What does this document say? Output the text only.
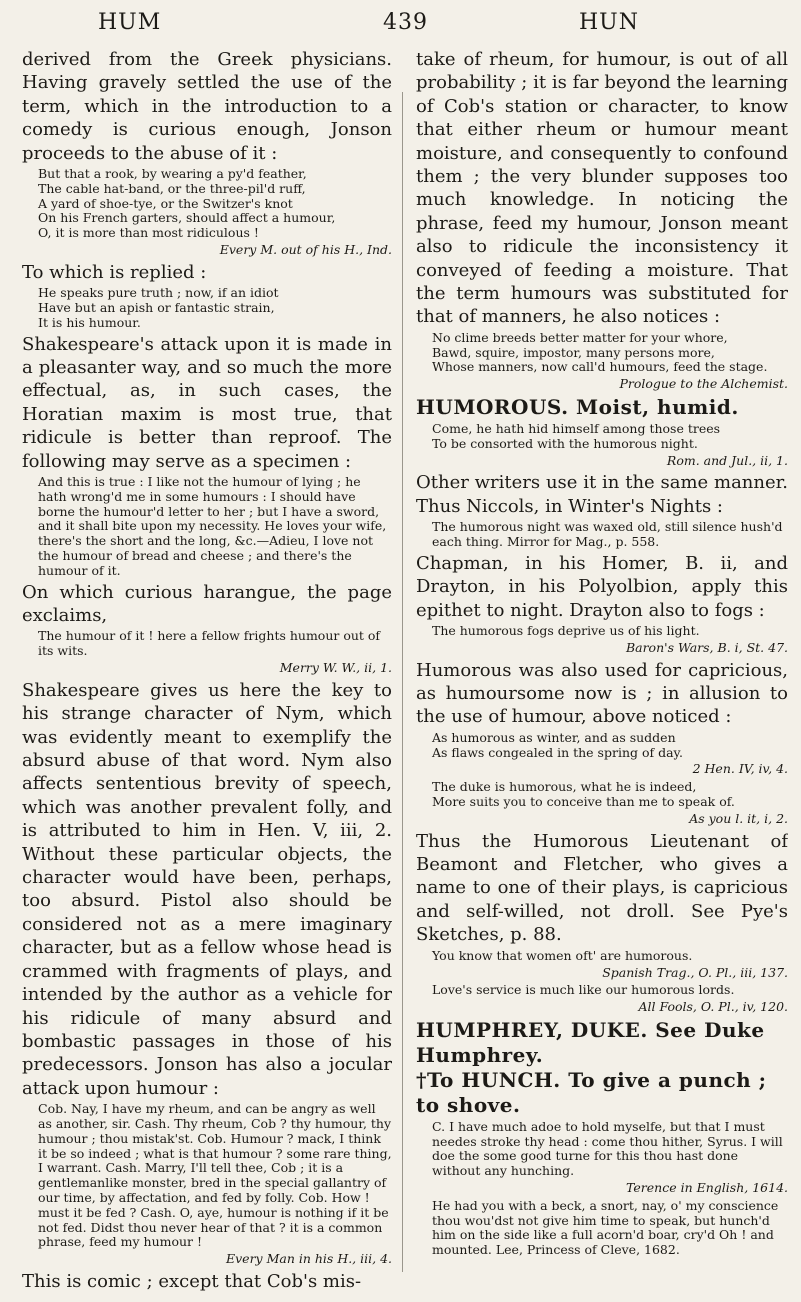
HUM	439	HUN

derived from the Greek physicians. Having gravely settled the use of the term, which in the introduction to a comedy is curious enough, Jonson proceeds to the abuse of it :

But that a rook, by wearing a py'd feather,
The cable hat-band, or the three-pil'd ruff,
A yard of shoe-tye, or the Switzer's knot
On his French garters, should affect a humour,
O, it is more than most ridiculous !

Every M. out of his H., Ind.

To which is replied :

He speaks pure truth ; now, if an idiot
Have but an apish or fantastic strain,
It is his humour.

Shakespeare's attack upon it is made in a pleasanter way, and so much the more effectual, as, in such cases, the Horatian maxim is most true, that ridicule is better than reproof. The following may serve as a specimen :

And this is true : I like not the humour of lying ; he hath wrong'd me in some humours : I should have borne the humour'd letter to her ; but I have a sword, and it shall bite upon my necessity. He loves your wife, there's the short and the long, &c.—Adieu, I love not the humour of bread and cheese ; and there's the humour of it.

On which curious harangue, the page exclaims,

The humour of it ! here a fellow frights humour out of its wits.

Merry W. W., ii, 1.

Shakespeare gives us here the key to his strange character of Nym, which was evidently meant to exemplify the absurd abuse of that word. Nym also affects sententious brevity of speech, which was another prevalent folly, and is attributed to him in Hen. V, iii, 2. Without these particular objects, the character would have been, perhaps, too absurd. Pistol also should be considered not as a mere imaginary character, but as a fellow whose head is crammed with fragments of plays, and intended by the author as a vehicle for his ridicule of many absurd and bombastic passages in those of his predecessors. Jonson has also a jocular attack upon humour :

Cob. Nay, I have my rheum, and can be angry as well as another, sir. Cash. Thy rheum, Cob ? thy humour, thy humour ; thou mistak'st. Cob. Humour ? mack, I think it be so indeed ; what is that humour ? some rare thing, I warrant. Cash. Marry, I'll tell thee, Cob ; it is a gentlemanlike monster, bred in the special gallantry of our time, by affectation, and fed by folly. Cob. How ! must it be fed ? Cash. O, aye, humour is nothing if it be not fed. Didst thou never hear of that ? it is a common phrase, feed my humour !

Every Man in his H., iii, 4.

This is comic ; except that Cob's mis-

take of rheum, for humour, is out of all probability ; it is far beyond the learning of Cob's station or character, to know that either rheum or humour meant moisture, and consequently to confound them ; the very blunder supposes too much knowledge. In noticing the phrase, feed my humour, Jonson meant also to ridicule the inconsistency it conveyed of feeding a moisture. That the term humours was substituted for that of manners, he also notices :

No clime breeds better matter for your whore,
Bawd, squire, impostor, many persons more,
Whose manners, now call'd humours, feed the stage.

Prologue to the Alchemist.

HUMOROUS. Moist, humid.

Come, he hath hid himself among those trees
To be consorted with the humorous night.

Rom. and Jul., ii, 1.

Other writers use it in the same manner. Thus Niccols, in Winter's Nights :

The humorous night was waxed old, still silence hush'd each thing. Mirror for Mag., p. 558.

Chapman, in his Homer, B. ii, and Drayton, in his Polyolbion, apply this epithet to night. Drayton also to fogs :

The humorous fogs deprive us of his light.

Baron's Wars, B. i, St. 47.

Humorous was also used for capricious, as humoursome now is ; in allusion to the use of humour, above noticed :

As humorous as winter, and as sudden
As flaws congealed in the spring of day.

2 Hen. IV, iv, 4.

The duke is humorous, what he is indeed,
More suits you to conceive than me to speak of.

As you l. it, i, 2.

Thus the Humorous Lieutenant of Beamont and Fletcher, who gives a name to one of their plays, is capricious and self-willed, not droll. See Pye's Sketches, p. 88.

You know that women oft' are humorous.

Spanish Trag., O. Pl., iii, 137.

Love's service is much like our humorous lords.

All Fools, O. Pl., iv, 120.

HUMPHREY, DUKE. See Duke Humphrey.

†To HUNCH. To give a punch ; to shove.

C. I have much adoe to hold myselfe, but that I must needes stroke thy head : come thou hither, Syrus. I will doe the some good turne for this thou hast done without any hunching.

Terence in English, 1614.

He had you with a beck, a snort, nay, o' my conscience thou wou'dst not give him time to speak, but hunch'd him on the side like a full acorn'd boar, cry'd Oh ! and mounted. Lee, Princess of Cleve, 1682.
